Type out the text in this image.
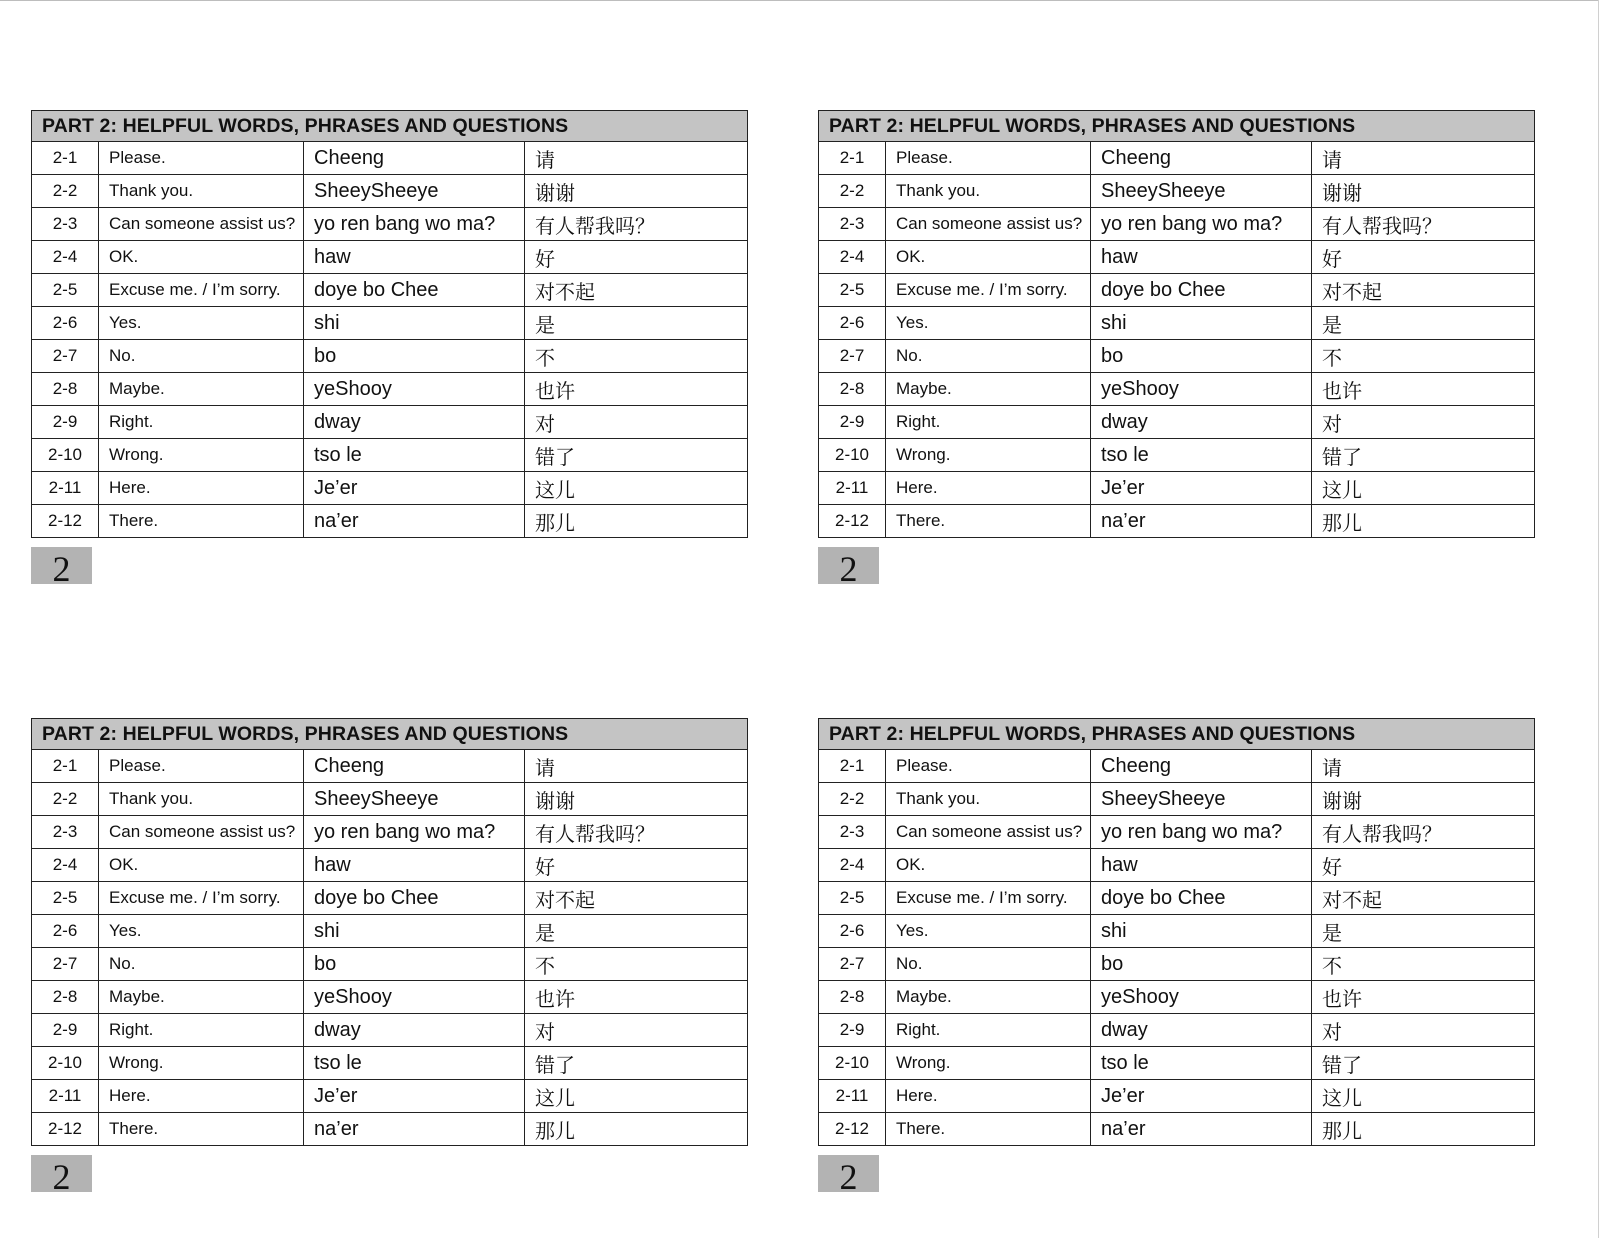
PART 2: HELPFUL WORDS, PHRASES AND QUESTIONS			
2-1	Please.	Cheeng	请
2-2	Thank you.	SheeySheeye	谢谢
2-3	Can someone assist us?	yo ren bang wo ma?	有人帮我吗？
2-4	OK.	haw	好
2-5	Excuse me. / I’m sorry.	doye bo Chee	对不起
2-6	Yes.	shi	是
2-7	No.	bo	不
2-8	Maybe.	yeShooy	也许
2-9	Right.	dway	对
2-10	Wrong.	tso le	错了
2-11	Here.	Je’er	这儿
2-12	There.	na’er	那儿
2
PART 2: HELPFUL WORDS, PHRASES AND QUESTIONS			
2-1	Please.	Cheeng	请
2-2	Thank you.	SheeySheeye	谢谢
2-3	Can someone assist us?	yo ren bang wo ma?	有人帮我吗？
2-4	OK.	haw	好
2-5	Excuse me. / I’m sorry.	doye bo Chee	对不起
2-6	Yes.	shi	是
2-7	No.	bo	不
2-8	Maybe.	yeShooy	也许
2-9	Right.	dway	对
2-10	Wrong.	tso le	错了
2-11	Here.	Je’er	这儿
2-12	There.	na’er	那儿
2
PART 2: HELPFUL WORDS, PHRASES AND QUESTIONS			
2-1	Please.	Cheeng	请
2-2	Thank you.	SheeySheeye	谢谢
2-3	Can someone assist us?	yo ren bang wo ma?	有人帮我吗？
2-4	OK.	haw	好
2-5	Excuse me. / I’m sorry.	doye bo Chee	对不起
2-6	Yes.	shi	是
2-7	No.	bo	不
2-8	Maybe.	yeShooy	也许
2-9	Right.	dway	对
2-10	Wrong.	tso le	错了
2-11	Here.	Je’er	这儿
2-12	There.	na’er	那儿
2
PART 2: HELPFUL WORDS, PHRASES AND QUESTIONS			
2-1	Please.	Cheeng	请
2-2	Thank you.	SheeySheeye	谢谢
2-3	Can someone assist us?	yo ren bang wo ma?	有人帮我吗？
2-4	OK.	haw	好
2-5	Excuse me. / I’m sorry.	doye bo Chee	对不起
2-6	Yes.	shi	是
2-7	No.	bo	不
2-8	Maybe.	yeShooy	也许
2-9	Right.	dway	对
2-10	Wrong.	tso le	错了
2-11	Here.	Je’er	这儿
2-12	There.	na’er	那儿
2
